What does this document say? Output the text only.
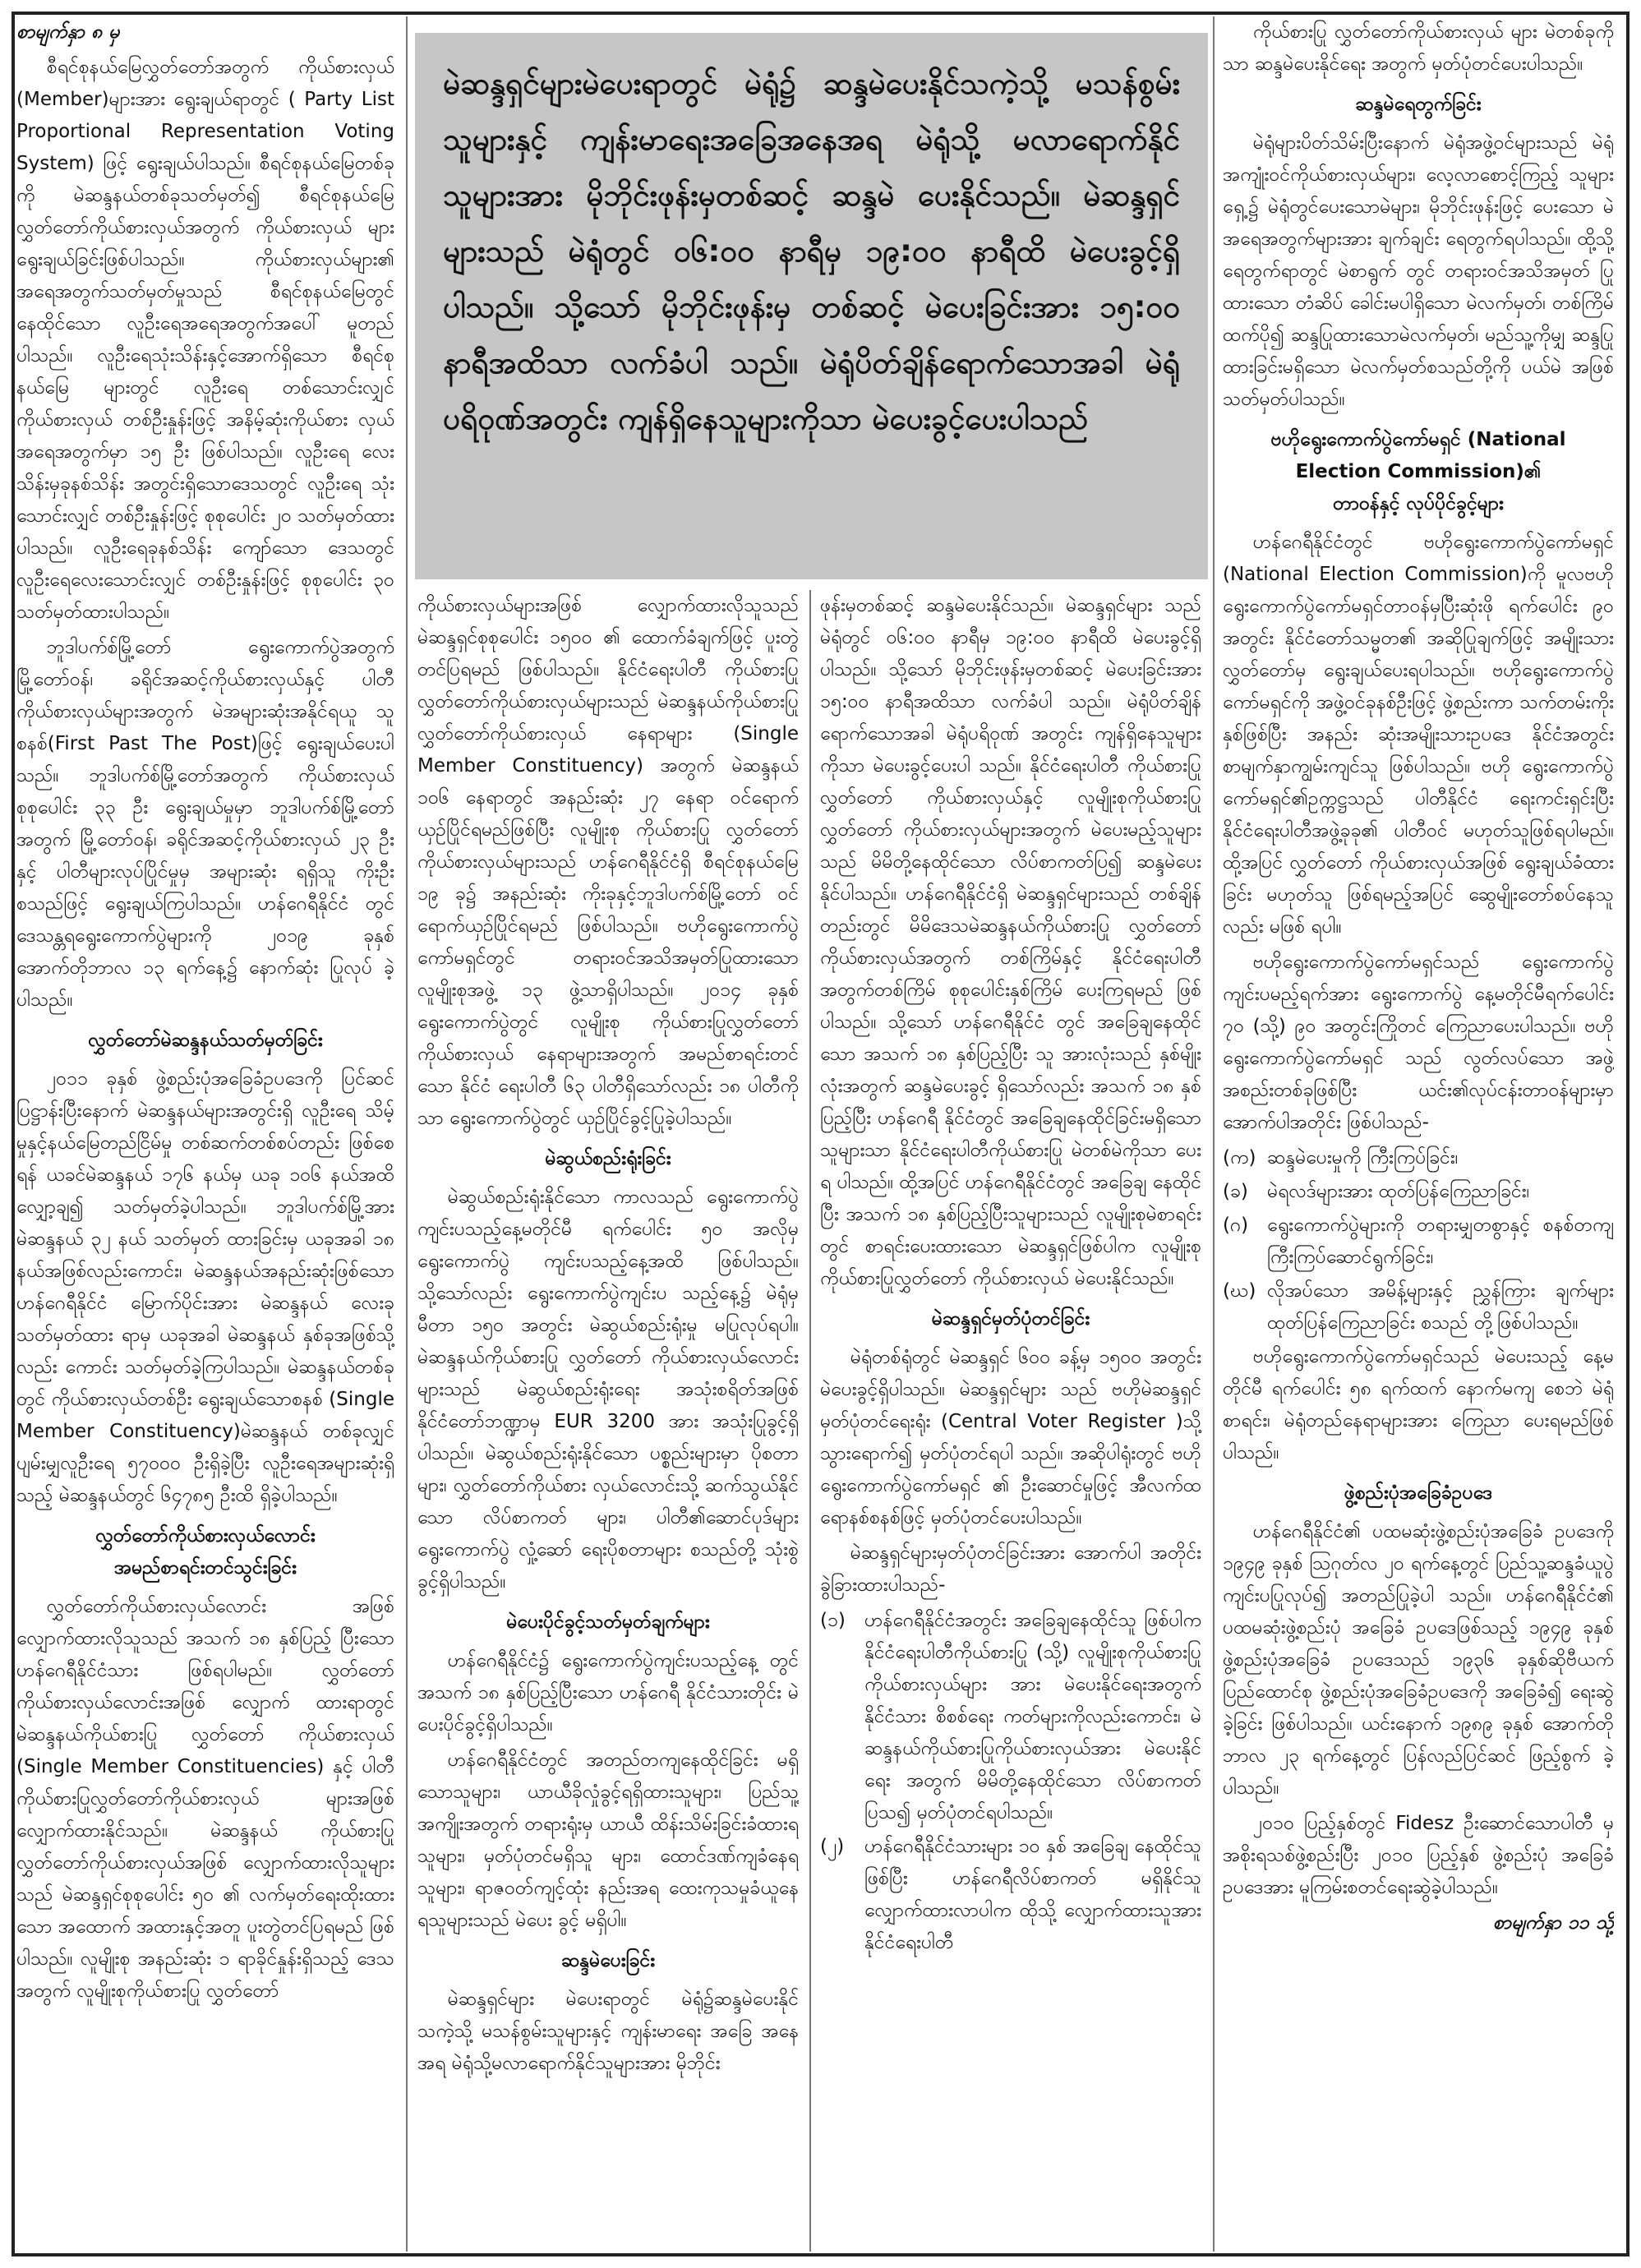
စာမျက်နှာ ၈ မှ

စီရင်စုနယ်မြေလွှတ်တော်အတွက် ကိုယ်စားလှယ် (Member)များအား ရွေးချယ်ရာတွင် ( Party List Proportional Representation Voting System) ဖြင့် ရွေးချယ်ပါသည်။ စီရင်စုနယ်မြေတစ်ခုကို မဲဆန္ဒနယ်တစ်ခုသတ်မှတ်၍ စီရင်စုနယ်မြေ လွှတ်တော်ကိုယ်စားလှယ်အတွက် ကိုယ်စားလှယ် များ ရွေးချယ်ခြင်းဖြစ်ပါသည်။ ကိုယ်စားလှယ်များ၏ အရေအတွက်သတ်မှတ်မှုသည် စီရင်စုနယ်မြေတွင် နေထိုင်သော လူဦးရေအရေအတွက်အပေါ် မူတည် ပါသည်။ လူဦးရေသုံးသိန်းနှင့်အောက်ရှိသော စီရင်စုနယ်မြေ များတွင် လူဦးရေ တစ်သောင်းလျှင် ကိုယ်စားလှယ် တစ်ဦးနှုန်းဖြင့် အနိမ့်ဆုံးကိုယ်စား လှယ်အရေအတွက်မှာ ၁၅ ဦး ဖြစ်ပါသည်။ လူဦးရေ လေးသိန်းမှခုနစ်သိန်း အတွင်းရှိသောဒေသတွင် လူဦးရေ သုံးသောင်းလျှင် တစ်ဦးနှုန်းဖြင့် စုစုပေါင်း ၂၀ သတ်မှတ်ထားပါသည်။ လူဦးရေခုနစ်သိန်း ကျော်သော ဒေသတွင် လူဦးရေလေးသောင်းလျှင် တစ်ဦးနှုန်းဖြင့် စုစုပေါင်း ၃၀ သတ်မှတ်ထားပါသည်။

ဘူဒါပက်စ်မြို့တော် ရွေးကောက်ပွဲအတွက် မြို့တော်ဝန်၊ ခရိုင်အဆင့်ကိုယ်စားလှယ်နှင့် ပါတီ ကိုယ်စားလှယ်များအတွက် မဲအများဆုံးအနိုင်ရယူ သူစနစ်(First Past The Post)ဖြင့် ရွေးချယ်ပေးပါ သည်။ ဘူဒါပက်စ်မြို့တော်အတွက် ကိုယ်စားလှယ် စုစုပေါင်း ၃၃ ဦး ရွေးချယ်မှုမှာ ဘူဒါပက်စ်မြို့တော် အတွက် မြို့တော်ဝန်၊ ခရိုင်အဆင့်ကိုယ်စားလှယ် ၂၃ ဦးနှင့် ပါတီများလုပ်ပြိုင်မှုမှ အများဆုံး ရရှိသူ ကိုးဦး စသည်ဖြင့် ရွေးချယ်ကြပါသည်။ ဟန်ဂေရီနိုင်ငံ တွင် ဒေသန္တရရွေးကောက်ပွဲများကို ၂၀၁၉ ခုနှစ် အောက်တိုဘာလ ၁၃ ရက်နေ့၌ နောက်ဆုံး ပြုလုပ် ခဲ့ပါသည်။

လွှတ်တော်မဲဆန္ဒနယ်သတ်မှတ်ခြင်း

၂၀၁၁ ခုနှစ် ဖွဲ့စည်းပုံအခြေခံဥပဒေကို ပြင်ဆင် ပြဋ္ဌာန်းပြီးနောက် မဲဆန္ဒနယ်များအတွင်းရှိ လူဦးရေ သိမ့်မှုနှင့်နယ်မြေတည်ငြိမ်မှု တစ်ဆက်တစ်စပ်တည်း ဖြစ်စေရန် ယခင်မဲဆန္ဒနယ် ၁၇၆ နယ်မှ ယခု ၁၀၆ နယ်အထိ လျှော့ချ၍ သတ်မှတ်ခဲ့ပါသည်။ ဘူဒါပက်စ်မြို့အား မဲဆန္ဒနယ် ၃၂ နယ် သတ်မှတ် ထားခြင်းမှ ယခုအခါ ၁၈ နယ်အဖြစ်လည်းကောင်း၊ မဲဆန္ဒနယ်အနည်းဆုံးဖြစ်သော ဟန်ဂေရီနိုင်ငံ မြောက်ပိုင်းအား မဲဆန္ဒနယ် လေးခု သတ်မှတ်ထား ရာမှ ယခုအခါ မဲဆန္ဒနယ် နှစ်ခုအဖြစ်သို့လည်း ကောင်း သတ်မှတ်ခဲ့ကြပါသည်။ မဲဆန္ဒနယ်တစ်ခု တွင် ကိုယ်စားလှယ်တစ်ဦး ရွေးချယ်သောစနစ် (Single Member Constituency)မဲဆန္ဒနယ် တစ်ခုလျှင် ပျမ်းမျှလူဦးရေ ၅၇၀၀၀ ဦးရှိခဲ့ပြီး လူဦးရေအများဆုံးရှိသည့် မဲဆန္ဒနယ်တွင် ၆၄၇၈၅ ဦးထိ ရှိခဲ့ပါသည်။

လွှတ်တော်ကိုယ်စားလှယ်လောင်း

အမည်စာရင်းတင်သွင်းခြင်း

လွှတ်တော်ကိုယ်စားလှယ်လောင်း အဖြစ် လျှောက်ထားလိုသူသည် အသက် ၁၈ နှစ်ပြည့် ပြီးသော ဟန်ဂေရီနိုင်ငံသား ဖြစ်ရပါမည်။ လွှတ်တော်ကိုယ်စားလှယ်လောင်းအဖြစ် လျှောက် ထားရာတွင် မဲဆန္ဒနယ်ကိုယ်စားပြု လွှတ်တော် ကိုယ်စားလှယ် (Single Member Constituencies) နှင့် ပါတီကိုယ်စားပြုလွှတ်တော်ကိုယ်စားလှယ် များအဖြစ်လျှောက်ထားနိုင်သည်။ မဲဆန္ဒနယ် ကိုယ်စားပြု လွှတ်တော်ကိုယ်စားလှယ်အဖြစ် လျှောက်ထားလိုသူများသည် မဲဆန္ဒရှင်စုစုပေါင်း ၅၀ ၏ လက်မှတ်ရေးထိုးထားသော အထောက် အထားနှင့်အတူ ပူးတွဲတင်ပြရမည် ဖြစ်ပါသည်။ လူမျိုးစု အနည်းဆုံး ၁ ရာခိုင်နှုန်းရှိသည့် ဒေသ အတွက် လူမျိုးစုကိုယ်စားပြု လွှတ်တော်

မဲဆန္ဒရှင်များမဲပေးရာတွင် မဲရုံ၌ ဆန္ဒမဲပေးနိုင်သကဲ့သို့ မသန်စွမ်းသူများနှင့် ကျန်းမာရေးအခြေအနေအရ မဲရုံသို့ မလာရောက်နိုင်သူများအား မိုဘိုင်းဖုန်းမှတစ်ဆင့် ဆန္ဒမဲ ပေးနိုင်သည်။ မဲဆန္ဒရှင်များသည် မဲရုံတွင် ၀၆:၀၀ နာရီမှ ၁၉:၀၀ နာရီထိ မဲပေးခွင့်ရှိပါသည်။ သို့သော် မိုဘိုင်းဖုန်းမှ တစ်ဆင့် မဲပေးခြင်းအား ၁၅:၀၀ နာရီအထိသာ လက်ခံပါ သည်။ မဲရုံပိတ်ချိန်ရောက်သောအခါ မဲရုံပရိဝုဏ်အတွင်း ကျန်ရှိနေသူများကိုသာ မဲပေးခွင့်ပေးပါသည်

ကိုယ်စားလှယ်များအဖြစ် လျှောက်ထားလိုသူသည် မဲဆန္ဒရှင်စုစုပေါင်း ၁၅၀၀ ၏ ထောက်ခံချက်ဖြင့် ပူးတွဲတင်ပြရမည် ဖြစ်ပါသည်။ နိုင်ငံရေးပါတီ ကိုယ်စားပြု လွှတ်တော်ကိုယ်စားလှယ်များသည် မဲဆန္ဒနယ်ကိုယ်စားပြု လွှတ်တော်ကိုယ်စားလှယ် နေရာများ (Single Member Constituency) အတွက် မဲဆန္ဒနယ် ၁၀၆ နေရာတွင် အနည်းဆုံး ၂၇ နေရာ ဝင်ရောက်ယှဉ်ပြိုင်ရမည်ဖြစ်ပြီး လူမျိုးစု ကိုယ်စားပြု လွှတ်တော်ကိုယ်စားလှယ်များသည် ဟန်ဂေရီနိုင်ငံရှိ စီရင်စုနယ်မြေ ၁၉ ခု၌ အနည်းဆုံး ကိုးခုနှင့်ဘူဒါပက်စ်မြို့တော် ဝင်ရောက်ယှဉ်ပြိုင်ရမည် ဖြစ်ပါသည်။ ဗဟိုရွေးကောက်ပွဲကော်မရှင်တွင် တရားဝင်အသိအမှတ်ပြုထားသော လူမျိုးစုအဖွဲ့ ၁၃ ဖွဲ့သာရှိပါသည်။ ၂၀၁၄ ခုနှစ် ရွေးကောက်ပွဲတွင် လူမျိုးစု ကိုယ်စားပြုလွှတ်တော်ကိုယ်စားလှယ် နေရာများအတွက် အမည်စာရင်းတင်သော နိုင်ငံ ရေးပါတီ ၆၃ ပါတီရှိသော်လည်း ၁၈ ပါတီကိုသာ ရွေးကောက်ပွဲတွင် ယှဉ်ပြိုင်ခွင့်ပြုခဲ့ပါသည်။

မဲဆွယ်စည်းရုံးခြင်း

မဲဆွယ်စည်းရုံးနိုင်သော ကာလသည် ရွေးကောက်ပွဲ ကျင်းပသည့်နေ့မတိုင်မီ ရက်ပေါင်း ၅၀ အလိုမှ ရွေးကောက်ပွဲ ကျင်းပသည့်နေ့အထိ ဖြစ်ပါသည်။ သို့သော်လည်း ရွေးကောက်ပွဲကျင်းပ သည့်နေ့၌ မဲရုံမှမီတာ ၁၅၀ အတွင်း မဲဆွယ်စည်းရုံးမှု မပြုလုပ်ရပါ။ မဲဆန္ဒနယ်ကိုယ်စားပြု လွှတ်တော် ကိုယ်စားလှယ်လောင်းများသည် မဲဆွယ်စည်းရုံးရေး အသုံးစရိတ်အဖြစ် နိုင်ငံတော်ဘဏ္ဍာမှ EUR 3200 အား အသုံးပြုခွင့်ရှိပါသည်။ မဲဆွယ်စည်းရုံးနိုင်သော ပစ္စည်းများမှာ ပိုစတာများ၊ လွှတ်တော်ကိုယ်စား လှယ်လောင်းသို့ ဆက်သွယ်နိုင်သော လိပ်စာကတ် များ၊ ပါတီ၏ဆောင်ပုဒ်များ ရွေးကောက်ပွဲ လှုံ့ဆော် ရေးပိုစတာများ စသည်တို့ သုံးစွဲခွင့်ရှိပါသည်။

မဲပေးပိုင်ခွင့်သတ်မှတ်ချက်များ

ဟန်ဂေရီနိုင်ငံ၌ ရွေးကောက်ပွဲကျင်းပသည့်နေ့ တွင် အသက် ၁၈ နှစ်ပြည့်ပြီးသော ဟန်ဂေရီ နိုင်ငံသားတိုင်း မဲပေးပိုင်ခွင့်ရှိပါသည်။

ဟန်ဂေရီနိုင်ငံတွင် အတည်တကျနေထိုင်ခြင်း မရှိသောသူများ၊ ယာယီခိုလှုံခွင့်ရရှိထားသူများ၊ ပြည်သူ့အကျိုးအတွက် တရားရုံးမှ ယာယီ ထိန်းသိမ်းခြင်းခံထားရသူများ၊ မှတ်ပုံတင်မရှိသူ များ၊ ထောင်ဒဏ်ကျခံနေရသူများ၊ ရာဇဝတ်ကျင့်ထုံး နည်းအရ ထေးကုသမှုခံယူနေရသူများသည် မဲပေး ခွင့် မရှိပါ။

ဆန္ဒမဲပေးခြင်း

မဲဆန္ဒရှင်များ မဲပေးရာတွင် မဲရုံ၌ဆန္ဒမဲပေးနိုင် သကဲ့သို့ မသန်စွမ်းသူများနှင့် ကျန်းမာရေး အခြေ အနေအရ မဲရုံသို့မလာရောက်နိုင်သူများအား မိုဘိုင်း

ဖုန်းမှတစ်ဆင့် ဆန္ဒမဲပေးနိုင်သည်။ မဲဆန္ဒရှင်များ သည် မဲရုံတွင် ၀၆:၀၀ နာရီမှ ၁၉:၀၀ နာရီထိ မဲပေးခွင့်ရှိပါသည်။ သို့သော် မိုဘိုင်းဖုန်းမှတစ်ဆင့် မဲပေးခြင်းအား ၁၅:၀၀ နာရီအထိသာ လက်ခံပါ သည်။ မဲရုံပိတ်ချိန်ရောက်သောအခါ မဲရုံပရိဝုဏ် အတွင်း ကျန်ရှိနေသူများကိုသာ မဲပေးခွင့်ပေးပါ သည်။ နိုင်ငံရေးပါတီ ကိုယ်စားပြုလွှတ်တော် ကိုယ်စားလှယ်နှင့် လူမျိုးစုကိုယ်စားပြုလွှတ်တော် ကိုယ်စားလှယ်များအတွက် မဲပေးမည့်သူများသည် မိမိတို့နေထိုင်သော လိပ်စာကတ်ပြ၍ ဆန္ဒမဲပေး နိုင်ပါသည်။ ဟန်ဂေရီနိုင်ငံရှိ မဲဆန္ဒရှင်များသည် တစ်ချိန်တည်းတွင် မိမိဒေသမဲဆန္ဒနယ်ကိုယ်စားပြု လွှတ်တော်ကိုယ်စားလှယ်အတွက် တစ်ကြိမ်နှင့် နိုင်ငံရေးပါတီအတွက်တစ်ကြိမ် စုစုပေါင်းနှစ်ကြိမ် ပေးကြရမည် ဖြစ်ပါသည်။ သို့သော် ဟန်ဂေရီနိုင်ငံ တွင် အခြေချနေထိုင်သော အသက် ၁၈ နှစ်ပြည့်ပြီး သူ အားလုံးသည် နှစ်မျိုးလုံးအတွက် ဆန္ဒမဲပေးခွင့် ရှိသော်လည်း အသက် ၁၈ နှစ်ပြည့်ပြီး ဟန်ဂေရီ နိုင်ငံတွင် အခြေချနေထိုင်ခြင်းမရှိသော သူများသာ နိုင်ငံရေးပါတီကိုယ်စားပြု မဲတစ်မဲကိုသာ ပေးရ ပါသည်။ ထို့အပြင် ဟန်ဂေရီနိုင်ငံတွင် အခြေချ နေထိုင်ပြီး အသက် ၁၈ နှစ်ပြည့်ပြီးသူများသည် လူမျိုးစုမဲစာရင်းတွင် စာရင်းပေးထားသော မဲဆန္ဒရှင်ဖြစ်ပါက လူမျိုးစုကိုယ်စားပြုလွှတ်တော် ကိုယ်စားလှယ် မဲပေးနိုင်သည်။

မဲဆန္ဒရှင်မှတ်ပုံတင်ခြင်း

မဲရုံတစ်ရုံတွင် မဲဆန္ဒရှင် ၆၀၀ ခန့်မှ ၁၅၀၀ အတွင်း မဲပေးခွင့်ရှိပါသည်။ မဲဆန္ဒရှင်များ သည် ဗဟိုမဲဆန္ဒရှင်မှတ်ပုံတင်ရေးရုံး (Central Voter Register )သို့ သွားရောက်၍ မှတ်ပုံတင်ရပါ သည်။ အဆိုပါရုံးတွင် ဗဟိုရွေးကောက်ပွဲကော်မရှင် ၏ ဦးဆောင်မှုဖြင့် အီလက်ထရောနစ်စနစ်ဖြင့် မှတ်ပုံတင်ပေးပါသည်။

မဲဆန္ဒရှင်များမှတ်ပုံတင်ခြင်းအား အောက်ပါ အတိုင်း ခွဲခြားထားပါသည်-

(၁)	ဟန်ဂေရီနိုင်ငံအတွင်း အခြေချနေထိုင်သူ ဖြစ်ပါက နိုင်ငံရေးပါတီကိုယ်စားပြု (သို့) လူမျိုးစုကိုယ်စားပြုကိုယ်စားလှယ်များ အား မဲပေးနိုင်ရေးအတွက် နိုင်ငံသား စိစစ်ရေး ကတ်များကိုလည်းကောင်း၊ မဲ ဆန္ဒနယ်ကိုယ်စားပြုကိုယ်စားလှယ်အား မဲပေးနိုင်ရေး အတွက် မိမိတို့နေထိုင်သော လိပ်စာကတ်ပြသ၍ မှတ်ပုံတင်ရပါသည်။
(၂)	ဟန်ဂေရီနိုင်ငံသားများ ၁၀ နှစ် အခြေချ နေထိုင်သူဖြစ်ပြီး ဟန်ဂေရီလိပ်စာကတ် မရှိနိုင်သူ လျှောက်ထားလာပါက ထိုသို့ လျှောက်ထားသူအား နိုင်ငံရေးပါတီ

ကိုယ်စားပြု လွှတ်တော်ကိုယ်စားလှယ် များ မဲတစ်ခုကိုသာ ဆန္ဒမဲပေးနိုင်ရေး အတွက် မှတ်ပုံတင်ပေးပါသည်။

ဆန္ဒမဲရေတွက်ခြင်း

မဲရုံများပိတ်သိမ်းပြီးနောက် မဲရုံအဖွဲ့ဝင်များသည် မဲရုံအကျုံးဝင်ကိုယ်စားလှယ်များ၊ လေ့လာစောင့်ကြည့် သူများရှေ့၌ မဲရုံတွင်ပေးသောမဲများ၊ မိုဘိုင်းဖုန်းဖြင့် ပေးသော မဲအရေအတွက်များအား ချက်ချင်း ရေတွက်ရပါသည်။ ထို့သို့ရေတွက်ရာတွင် မဲစာရွက် တွင် တရားဝင်အသိအမှတ် ပြုထားသော တံဆိပ် ခေါင်းမပါရှိသော မဲလက်မှတ်၊ တစ်ကြိမ်ထက်ပို၍ ဆန္ဒပြုထားသောမဲလက်မှတ်၊ မည်သူ့ကိုမျှ ဆန္ဒပြု ထားခြင်းမရှိသော မဲလက်မှတ်စသည်တို့ကို ပယ်မဲ အဖြစ် သတ်မှတ်ပါသည်။

ဗဟိုရွေးကောက်ပွဲကော်မရှင် (National

Election Commission)၏

တာဝန်နှင့် လုပ်ပိုင်ခွင့်များ

ဟန်ဂေရီနိုင်ငံတွင် ဗဟိုရွေးကောက်ပွဲကော်မရှင် (National Election Commission)ကို မူလဗဟို ရွေးကောက်ပွဲကော်မရှင်တာဝန်မှပြီးဆုံးဖို ရက်ပေါင်း ၉၀ အတွင်း နိုင်ငံတော်သမ္မတ၏ အဆိုပြုချက်ဖြင့် အမျိုးသားလွှတ်တော်မှ ရွေးချယ်ပေးရပါသည်။ ဗဟိုရွေးကောက်ပွဲကော်မရှင်ကို အဖွဲ့ဝင်ခုနစ်ဦးဖြင့် ဖွဲ့စည်းကာ သက်တမ်းကိုးနှစ်ဖြစ်ပြီး အနည်း ဆုံးအမျိုးသားဥပဒေ နိုင်ငံအတွင်း စာမျက်နှာကျွမ်းကျင်သူ ဖြစ်ပါသည်။ ဗဟို ရွေးကောက်ပွဲကော်မရှင်၏ဥက္ကဋ္ဌသည် ပါတီနိုင်ငံ ရေးကင်းရှင်းပြီး နိုင်ငံရေးပါတီအဖွဲ့ခုခု၏ ပါတီဝင် မဟုတ်သူဖြစ်ရပါမည်။ ထို့အပြင် လွှတ်တော် ကိုယ်စားလှယ်အဖြစ် ရွေးချယ်ခံထားခြင်း မဟုတ်သူ ဖြစ်ရမည့်အပြင် ဆွေမျိုးတော်စပ်နေသူလည်း မဖြစ် ရပါ။

ဗဟိုရွေးကောက်ပွဲကော်မရှင်သည် ရွေးကောက်ပွဲကျင်းပမည့်ရက်အား ရွေးကောက်ပွဲ နေ့မတိုင်မီရက်ပေါင်း ၇၀ (သို့) ၉၀ အတွင်းကြိုတင် ကြေညာပေးပါသည်။ ဗဟိုရွေးကောက်ပွဲကော်မရှင် သည် လွတ်လပ်သော အဖွဲ့အစည်းတစ်ခုဖြစ်ပြီး ယင်း၏လုပ်ငန်းတာဝန်များမှာ အောက်ပါအတိုင်း ဖြစ်ပါသည်-

(က) ဆန္ဒမဲပေးမှုကို ကြီးကြပ်ခြင်း၊
(ခ)	မဲရလဒ်များအား ထုတ်ပြန်ကြေညာခြင်း၊
(ဂ) ရွေးကောက်ပွဲများကို တရားမျှတစွာနှင့် စနစ်တကျ ကြီးကြပ်ဆောင်ရွက်ခြင်း၊
(ဃ) လိုအပ်သော အမိန့်များနှင့် ညွှန်ကြား ချက်များ ထုတ်ပြန်ကြေညာခြင်း စသည် တို့ဖြစ်ပါသည်။

ဗဟိုရွေးကောက်ပွဲကော်မရှင်သည် မဲပေးသည့် နေ့မတိုင်မီ ရက်ပေါင်း ၅၈ ရက်ထက် နောက်မကျ စေဘဲ မဲရုံစာရင်း၊ မဲရုံတည်နေရာများအား ကြေညာ ပေးရမည်ဖြစ်ပါသည်။

ဖွဲ့စည်းပုံအခြေခံဥပဒေ

ဟန်ဂေရီနိုင်ငံ၏ ပထမဆုံးဖွဲ့စည်းပုံအခြေခံ ဥပဒေကို ၁၉၄၉ ခုနှစ် ဩဂုတ်လ ၂၀ ရက်နေ့တွင် ပြည်သူ့ဆန္ဒခံယူပွဲကျင်းပပြုလုပ်၍ အတည်ပြုခဲ့ပါ သည်။ ဟန်ဂေရီနိုင်ငံ၏ ပထမဆုံးဖွဲ့စည်းပုံ အခြေခံ ဥပဒေဖြစ်သည့် ၁၉၄၉ ခုနှစ် ဖွဲ့စည်းပုံအခြေခံ ဥပဒေသည် ၁၉၃၆ ခုနှစ်ဆိုဗီယက်ပြည်ထောင်စု ဖွဲ့စည်းပုံအခြေခံဥပဒေကို အခြေခံ၍ ရေးဆွဲခဲ့ခြင်း ဖြစ်ပါသည်။ ယင်းနောက် ၁၉၈၉ ခုနှစ် အောက်တို ဘာလ ၂၃ ရက်နေ့တွင် ပြန်လည်ပြင်ဆင် ဖြည့်စွက် ခဲ့ပါသည်။

၂၀၁၀ ပြည့်နှစ်တွင် Fidesz ဦးဆောင်သောပါတီ မှ အစိုးရသစ်ဖွဲ့စည်းပြီး ၂၀၁၀ ပြည့်နှစ် ဖွဲ့စည်းပုံ အခြေခံဥပဒေအား မူကြမ်းစတင်ရေးဆွဲခဲ့ပါသည်။

စာမျက်နှာ ၁၁ သို့
